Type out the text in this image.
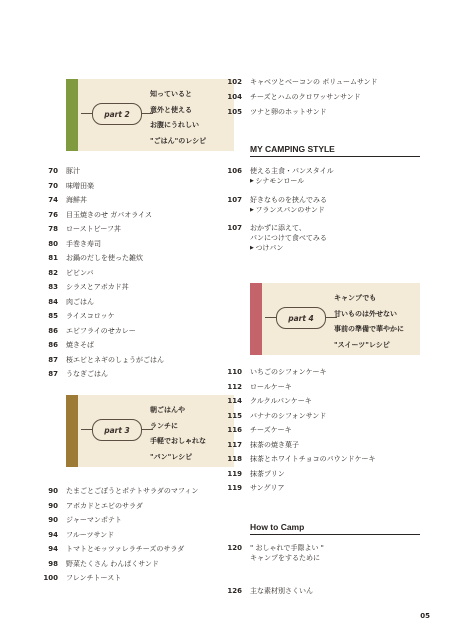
part 2
知っていると
意外と使える
お腹にうれしい
"ごはん"のレシピ
70 豚汁
70 味噌田楽
74 海鮮丼
76 目玉焼きのせ ガパオライス
78 ローストビーフ丼
80 手巻き寿司
81 お鍋のだしを使った雑炊
82 ビビンバ
83 シラスとアボカド丼
84 肉ごはん
85 ライスコロッケ
86 エビフライのせカレー
86 焼きそば
87 桜エビとネギのしょうがごはん
87 うなぎごはん
part 3
朝ごはんや
ランチに
手軽でおしゃれな
"パン"レシピ
90 たまごとごぼうとポテトサラダのマフィン
90 アボカドとエビのサラダ
90 ジャーマンポテト
94 フルーツサンド
94 トマトとモッツァレラチーズのサラダ
98 野菜たくさん わんぱくサンド
100 フレンチトースト
102 キャベツとベーコンの ボリュームサンド
104 チーズとハムのクロワッサンサンド
105 ツナと卵のホットサンド
MY CAMPING STYLE
106 使える主食・パンスタイル
▶ シナモンロール
107 好きなものを挟んでみる
▶ フランスパンのサンド
107 おかずに添えて、
パンにつけて食べてみる
▶ つけパン
part 4
キャンプでも
甘いものは外せない
事前の準備で華やかに
"スイーツ"レシピ
110 いちごのシフォンケーキ
112 ロールケーキ
114 クルクルパンケーキ
115 バナナのシフォンサンド
116 チーズケーキ
117 抹茶の焼き菓子
118 抹茶とホワイトチョコのパウンドケーキ
119 抹茶プリン
119 サングリア
How to Camp
120 " おしゃれで手際よい "
キャンプをするために
126 主な素材別さくいん
05
